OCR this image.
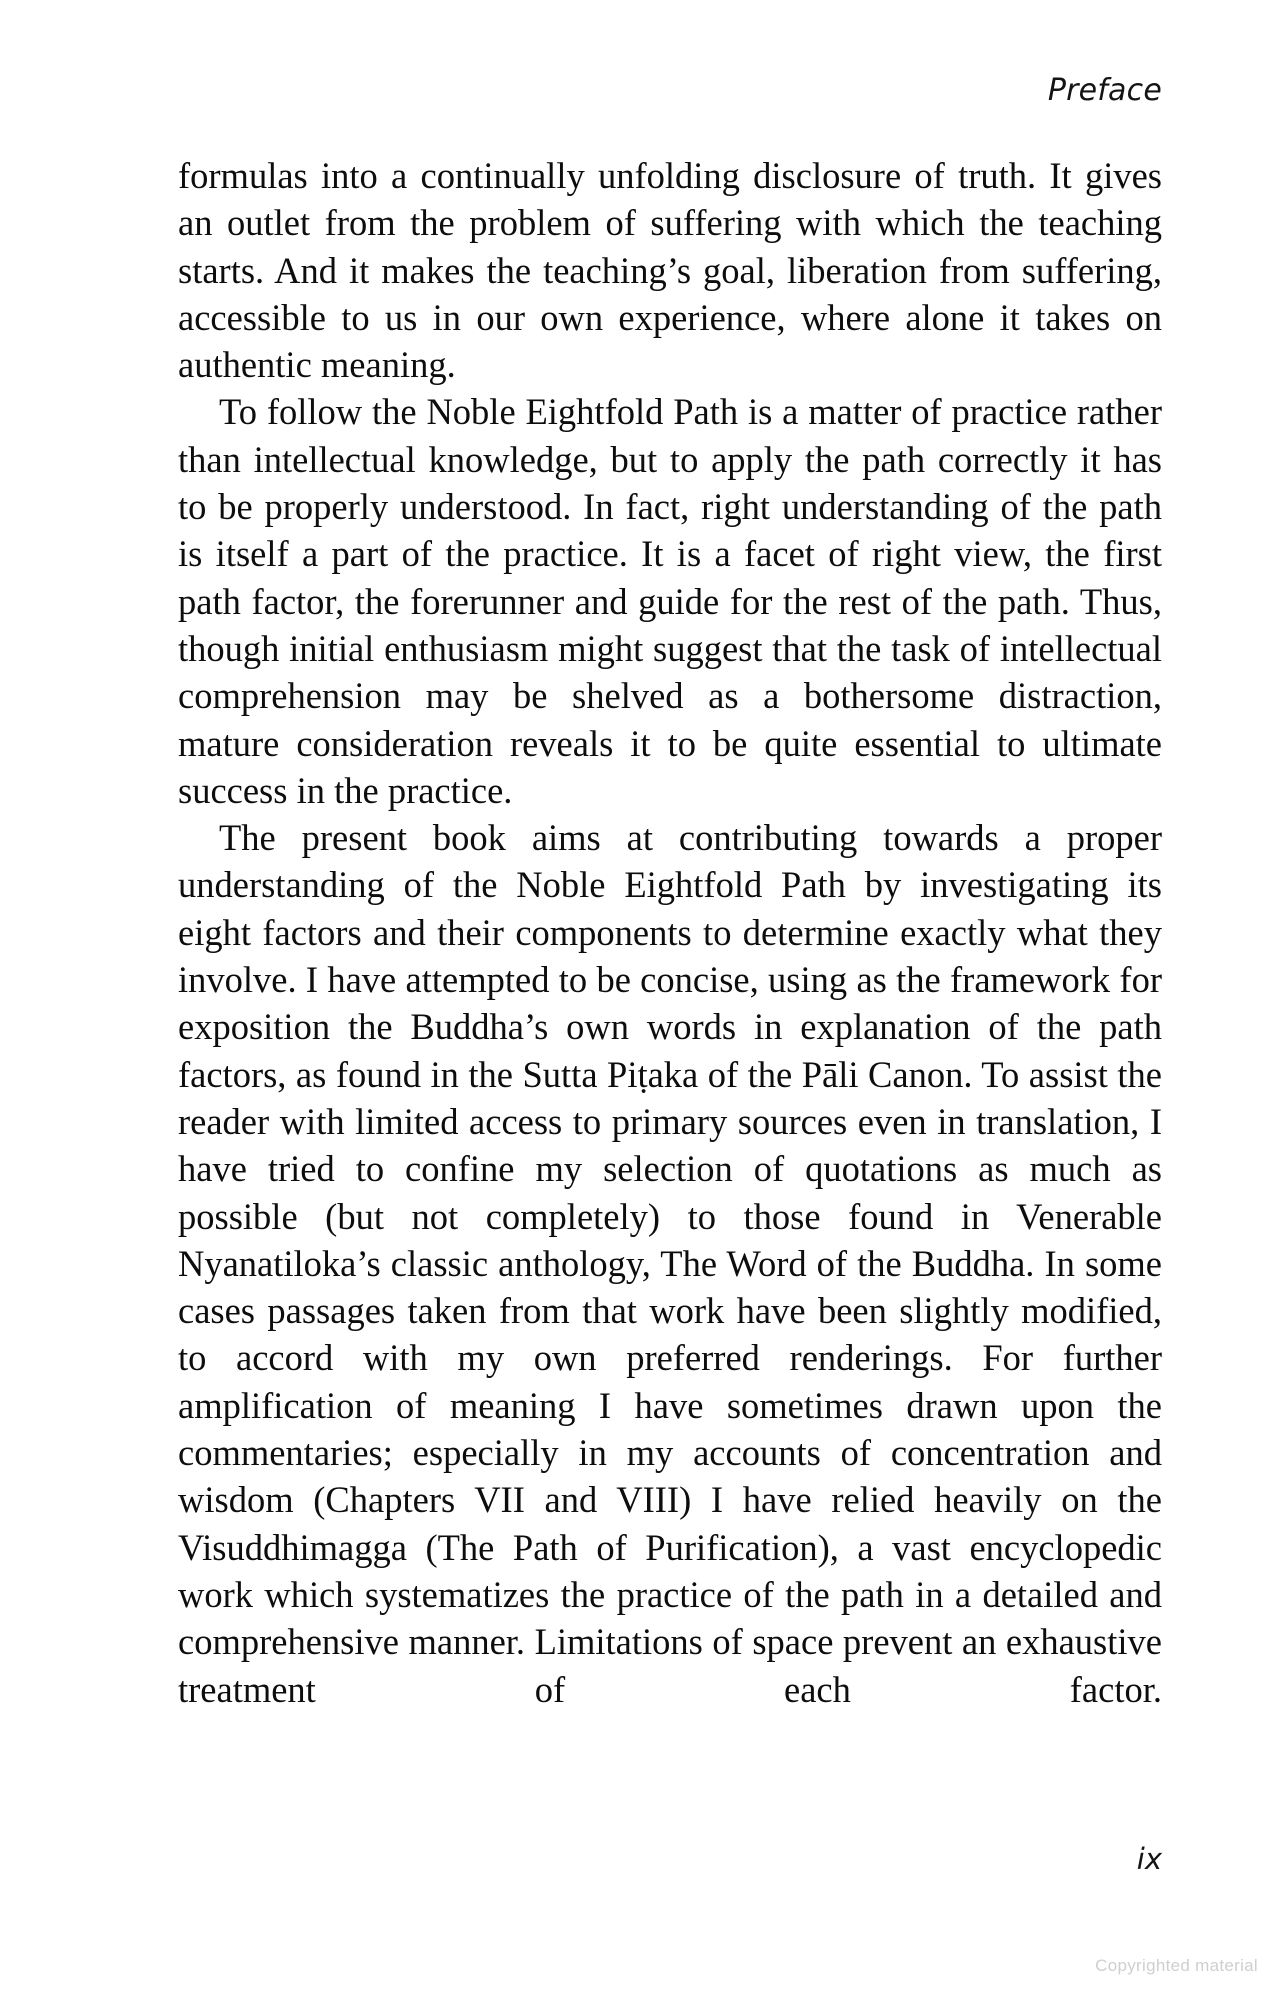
Preface

formulas into a continually unfolding disclosure of truth. It gives an outlet from the problem of suffering with which the teaching starts. And it makes the teaching’s goal, liberation from suffering, accessible to us in our own experience, where alone it takes on authentic meaning.

To follow the Noble Eightfold Path is a matter of practice rather than intellectual knowledge, but to apply the path correctly it has to be properly understood. In fact, right understanding of the path is itself a part of the practice. It is a facet of right view, the first path factor, the forerunner and guide for the rest of the path. Thus, though initial enthusiasm might suggest that the task of intellectual comprehension may be shelved as a bothersome distraction, mature consideration reveals it to be quite essential to ultimate success in the practice.

The present book aims at contributing towards a proper understanding of the Noble Eightfold Path by investigating its eight factors and their components to determine exactly what they involve. I have attempted to be concise, using as the framework for exposition the Buddha’s own words in explanation of the path factors, as found in the Sutta Piṭaka of the Pāli Canon. To assist the reader with limited access to primary sources even in translation, I have tried to confine my selection of quotations as much as possible (but not completely) to those found in Venerable Nyanatiloka’s classic anthology, The Word of the Buddha. In some cases passages taken from that work have been slightly modified, to accord with my own preferred renderings. For further amplification of meaning I have sometimes drawn upon the commentaries; especially in my accounts of concentration and wisdom (Chapters VII and VIII) I have relied heavily on the Visuddhimagga (The Path of Purification), a vast encyclopedic work which systematizes the practice of the path in a detailed and comprehensive manner. Limitations of space prevent an exhaustive treatment of each factor.

ix
Copyrighted material
